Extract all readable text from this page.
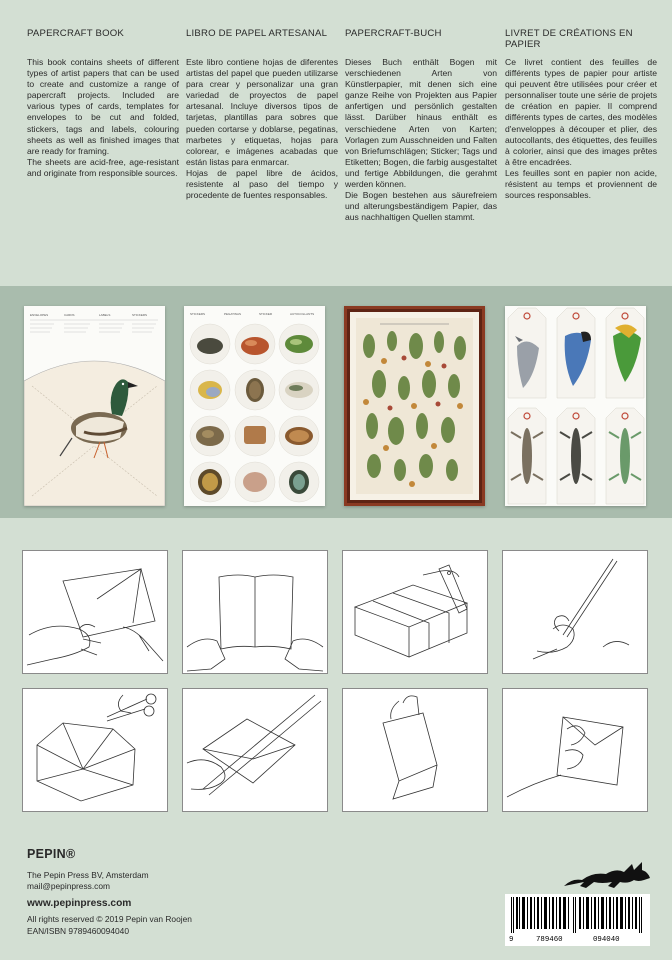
PAPERCRAFT BOOK

This book contains sheets of different types of artist papers that can be used to create and customize a range of papercraft projects. Included are various types of cards, templates for envelopes to be cut and folded, stickers, tags and labels, colouring sheets as well as finished images that are ready for framing.
The sheets are acid-free, age-resistant and originate from responsible sources.

LIBRO DE PAPEL ARTESANAL

Este libro contiene hojas de diferentes artistas del papel que pueden utilizarse para crear y personalizar una gran variedad de proyectos de papel artesanal. Incluye diversos tipos de tarjetas, plantillas para sobres que pueden cortarse y doblarse, pegatinas, marbetes y etiquetas, hojas para colorear, e imágenes acabadas que están listas para enmarcar.
Hojas de papel libre de ácidos, resistente al paso del tiempo y procedente de fuentes responsables.

PAPERCRAFT-BUCH

Dieses Buch enthält Bogen mit verschiedenen Arten von Künstlerpapier, mit denen sich eine ganze Reihe von Projekten aus Papier anfertigen und persönlich gestalten lässt. Darüber hinaus enthält es verschiedene Arten von Karten; Vorlagen zum Ausschneiden und Falten von Briefumschlägen; Sticker; Tags und Etiketten; Bogen, die farbig ausgestaltet und fertige Abbildungen, die gerahmt werden können.
Die Bogen bestehen aus säurefreiem und alterungsbeständigem Papier, das aus nachhaltigen Quellen stammt.

LIVRET DE CRÉATIONS EN PAPIER

Ce livret contient des feuilles de différents types de papier pour artiste qui peuvent être utilisées pour créer et personnaliser toute une série de projets de création en papier. Il comprend différents types de cartes, des modèles d'enveloppes à découper et plier, des autocollants, des étiquettes, des feuilles à colorier, ainsi que des images prêtes à être encadrées.
Les feuilles sont en papier non acide, résistent au temps et proviennent de sources responsables.

ENVELOPES	CARDS	LABELS	STICKERS	STICKERS	PEGATINAS	STICKER	AUTOCOLLANTS
PEPIN®
The Pepin Press BV, Amsterdam
mail@pepinpress.com
www.pepinpress.com
All rights reserved © 2019 Pepin van Roojen
EAN/ISBN 9789460094040
9	789460	094040
